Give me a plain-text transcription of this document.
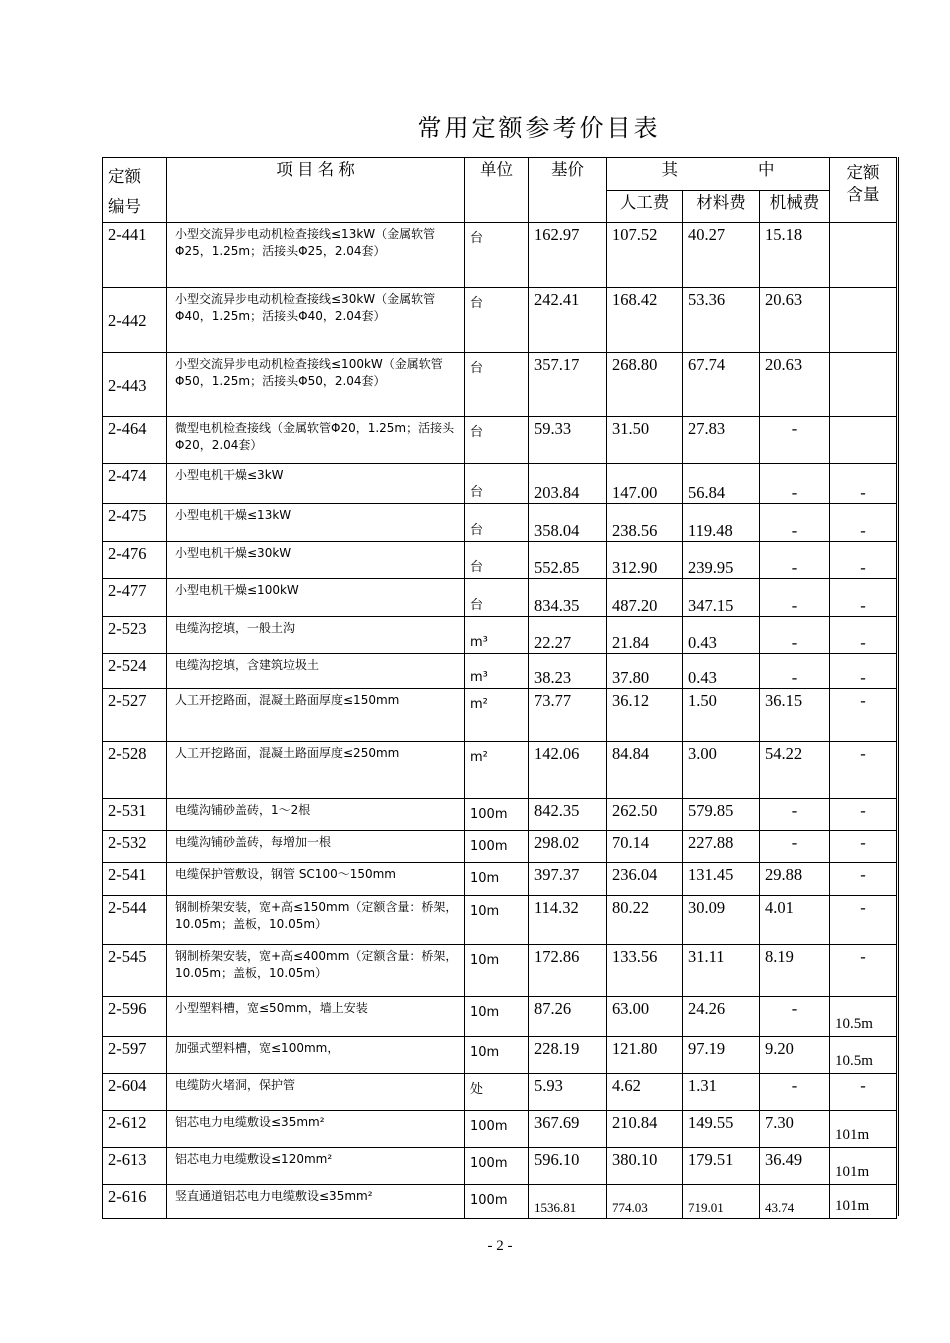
常用定额参考价目表
定额
编号	项 目 名 称	单位	基价	其 中			定额
含量
				人工费	材料费	机械费	
2-441	小型交流异步电动机检查接线≤13kW（金属软管Φ25，1.25m；活接头Φ25，2.04套）	台	162.97	107.52	40.27	15.18	
2-442	小型交流异步电动机检查接线≤30kW（金属软管Φ40，1.25m；活接头Φ40，2.04套）	台	242.41	168.42	53.36	20.63	
2-443	小型交流异步电动机检查接线≤100kW（金属软管Φ50，1.25m；活接头Φ50，2.04套）	台	357.17	268.80	67.74	20.63	
2-464	微型电机检查接线（金属软管Φ20，1.25m；活接头Φ20，2.04套）	台	59.33	31.50	27.83	-	
2-474	小型电机干燥≤3kW	台	203.84	147.00	56.84	-	-
2-475	小型电机干燥≤13kW	台	358.04	238.56	119.48	-	-
2-476	小型电机干燥≤30kW	台	552.85	312.90	239.95	-	-
2-477	小型电机干燥≤100kW	台	834.35	487.20	347.15	-	-
2-523	电缆沟挖填，一般土沟	m³	22.27	21.84	0.43	-	-
2-524	电缆沟挖填，含建筑垃圾土	m³	38.23	37.80	0.43	-	-
2-527	人工开挖路面，混凝土路面厚度≤150mm	m²	73.77	36.12	1.50	36.15	-
2-528	人工开挖路面，混凝土路面厚度≤250mm	m²	142.06	84.84	3.00	54.22	-
2-531	电缆沟铺砂盖砖，1～2根	100m	842.35	262.50	579.85	-	-
2-532	电缆沟铺砂盖砖，每增加一根	100m	298.02	70.14	227.88	-	-
2-541	电缆保护管敷设，钢管 SC100～150mm	10m	397.37	236.04	131.45	29.88	-
2-544	钢制桥架安装，宽+高≤150mm（定额含量：桥架，10.05m；盖板，10.05m）	10m	114.32	80.22	30.09	4.01	-
2-545	钢制桥架安装，宽+高≤400mm（定额含量：桥架，10.05m；盖板，10.05m）	10m	172.86	133.56	31.11	8.19	-
2-596	小型塑料槽，宽≤50mm，墙上安装	10m	87.26	63.00	24.26	-	10.5m
2-597	加强式塑料槽，宽≤100mm，	10m	228.19	121.80	97.19	9.20	10.5m
2-604	电缆防火堵洞，保护管	处	5.93	4.62	1.31	-	-
2-612	铝芯电力电缆敷设≤35mm²	100m	367.69	210.84	149.55	7.30	101m
2-613	铝芯电力电缆敷设≤120mm²	100m	596.10	380.10	179.51	36.49	101m
2-616	竖直通道铝芯电力电缆敷设≤35mm²	100m	1536.81	774.03	719.01	43.74	101m
- 2 -
